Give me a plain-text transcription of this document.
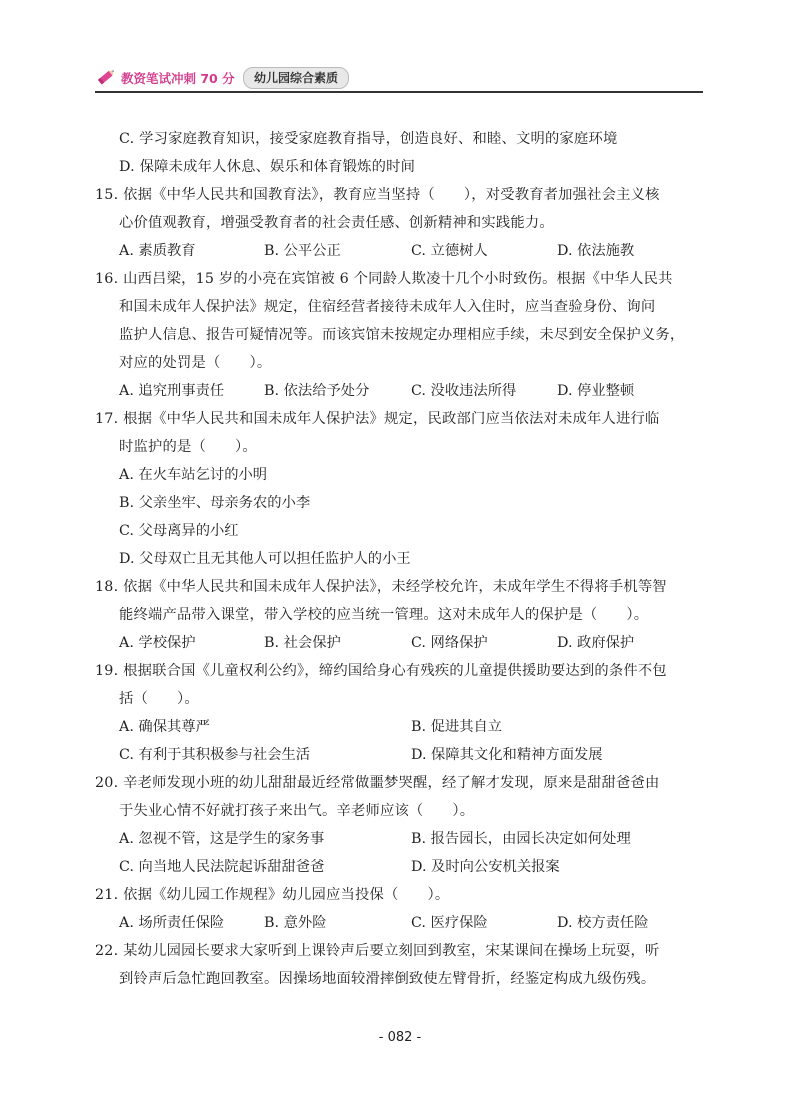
教资笔试冲刺 70 分	幼儿园综合素质
C. 学习家庭教育知识，接受家庭教育指导，创造良好、和睦、文明的家庭环境
D. 保障未成年人休息、娱乐和体育锻炼的时间
15. 依据《中华人民共和国教育法》，教育应当坚持（　　），对受教育者加强社会主义核
心价值观教育，增强受教育者的社会责任感、创新精神和实践能力。
A. 素质教育	B. 公平公正	C. 立德树人	D. 依法施教
16. 山西吕梁，15 岁的小亮在宾馆被 6 个同龄人欺凌十几个小时致伤。根据《中华人民共
和国未成年人保护法》规定，住宿经营者接待未成年人入住时，应当查验身份、询问
监护人信息、报告可疑情况等。而该宾馆未按规定办理相应手续，未尽到安全保护义务，
对应的处罚是（　　）。
A. 追究刑事责任	B. 依法给予处分	C. 没收违法所得	D. 停业整顿
17. 根据《中华人民共和国未成年人保护法》规定，民政部门应当依法对未成年人进行临
时监护的是（　　）。
A. 在火车站乞讨的小明
B. 父亲坐牢、母亲务农的小李
C. 父母离异的小红
D. 父母双亡且无其他人可以担任监护人的小王
18. 依据《中华人民共和国未成年人保护法》，未经学校允许，未成年学生不得将手机等智
能终端产品带入课堂，带入学校的应当统一管理。这对未成年人的保护是（　　）。
A. 学校保护	B. 社会保护	C. 网络保护	D. 政府保护
19. 根据联合国《儿童权利公约》，缔约国给身心有残疾的儿童提供援助要达到的条件不包
括（　　）。
A. 确保其尊严	B. 促进其自立
C. 有利于其积极参与社会生活	D. 保障其文化和精神方面发展
20. 辛老师发现小班的幼儿甜甜最近经常做噩梦哭醒，经了解才发现，原来是甜甜爸爸由
于失业心情不好就打孩子来出气。辛老师应该（　　）。
A. 忽视不管，这是学生的家务事	B. 报告园长，由园长决定如何处理
C. 向当地人民法院起诉甜甜爸爸	D. 及时向公安机关报案
21. 依据《幼儿园工作规程》幼儿园应当投保（　　）。
A. 场所责任保险	B. 意外险	C. 医疗保险	D. 校方责任险
22. 某幼儿园园长要求大家听到上课铃声后要立刻回到教室，宋某课间在操场上玩耍，听
到铃声后急忙跑回教室。因操场地面较滑摔倒致使左臂骨折，经鉴定构成九级伤残。
- 082 -
